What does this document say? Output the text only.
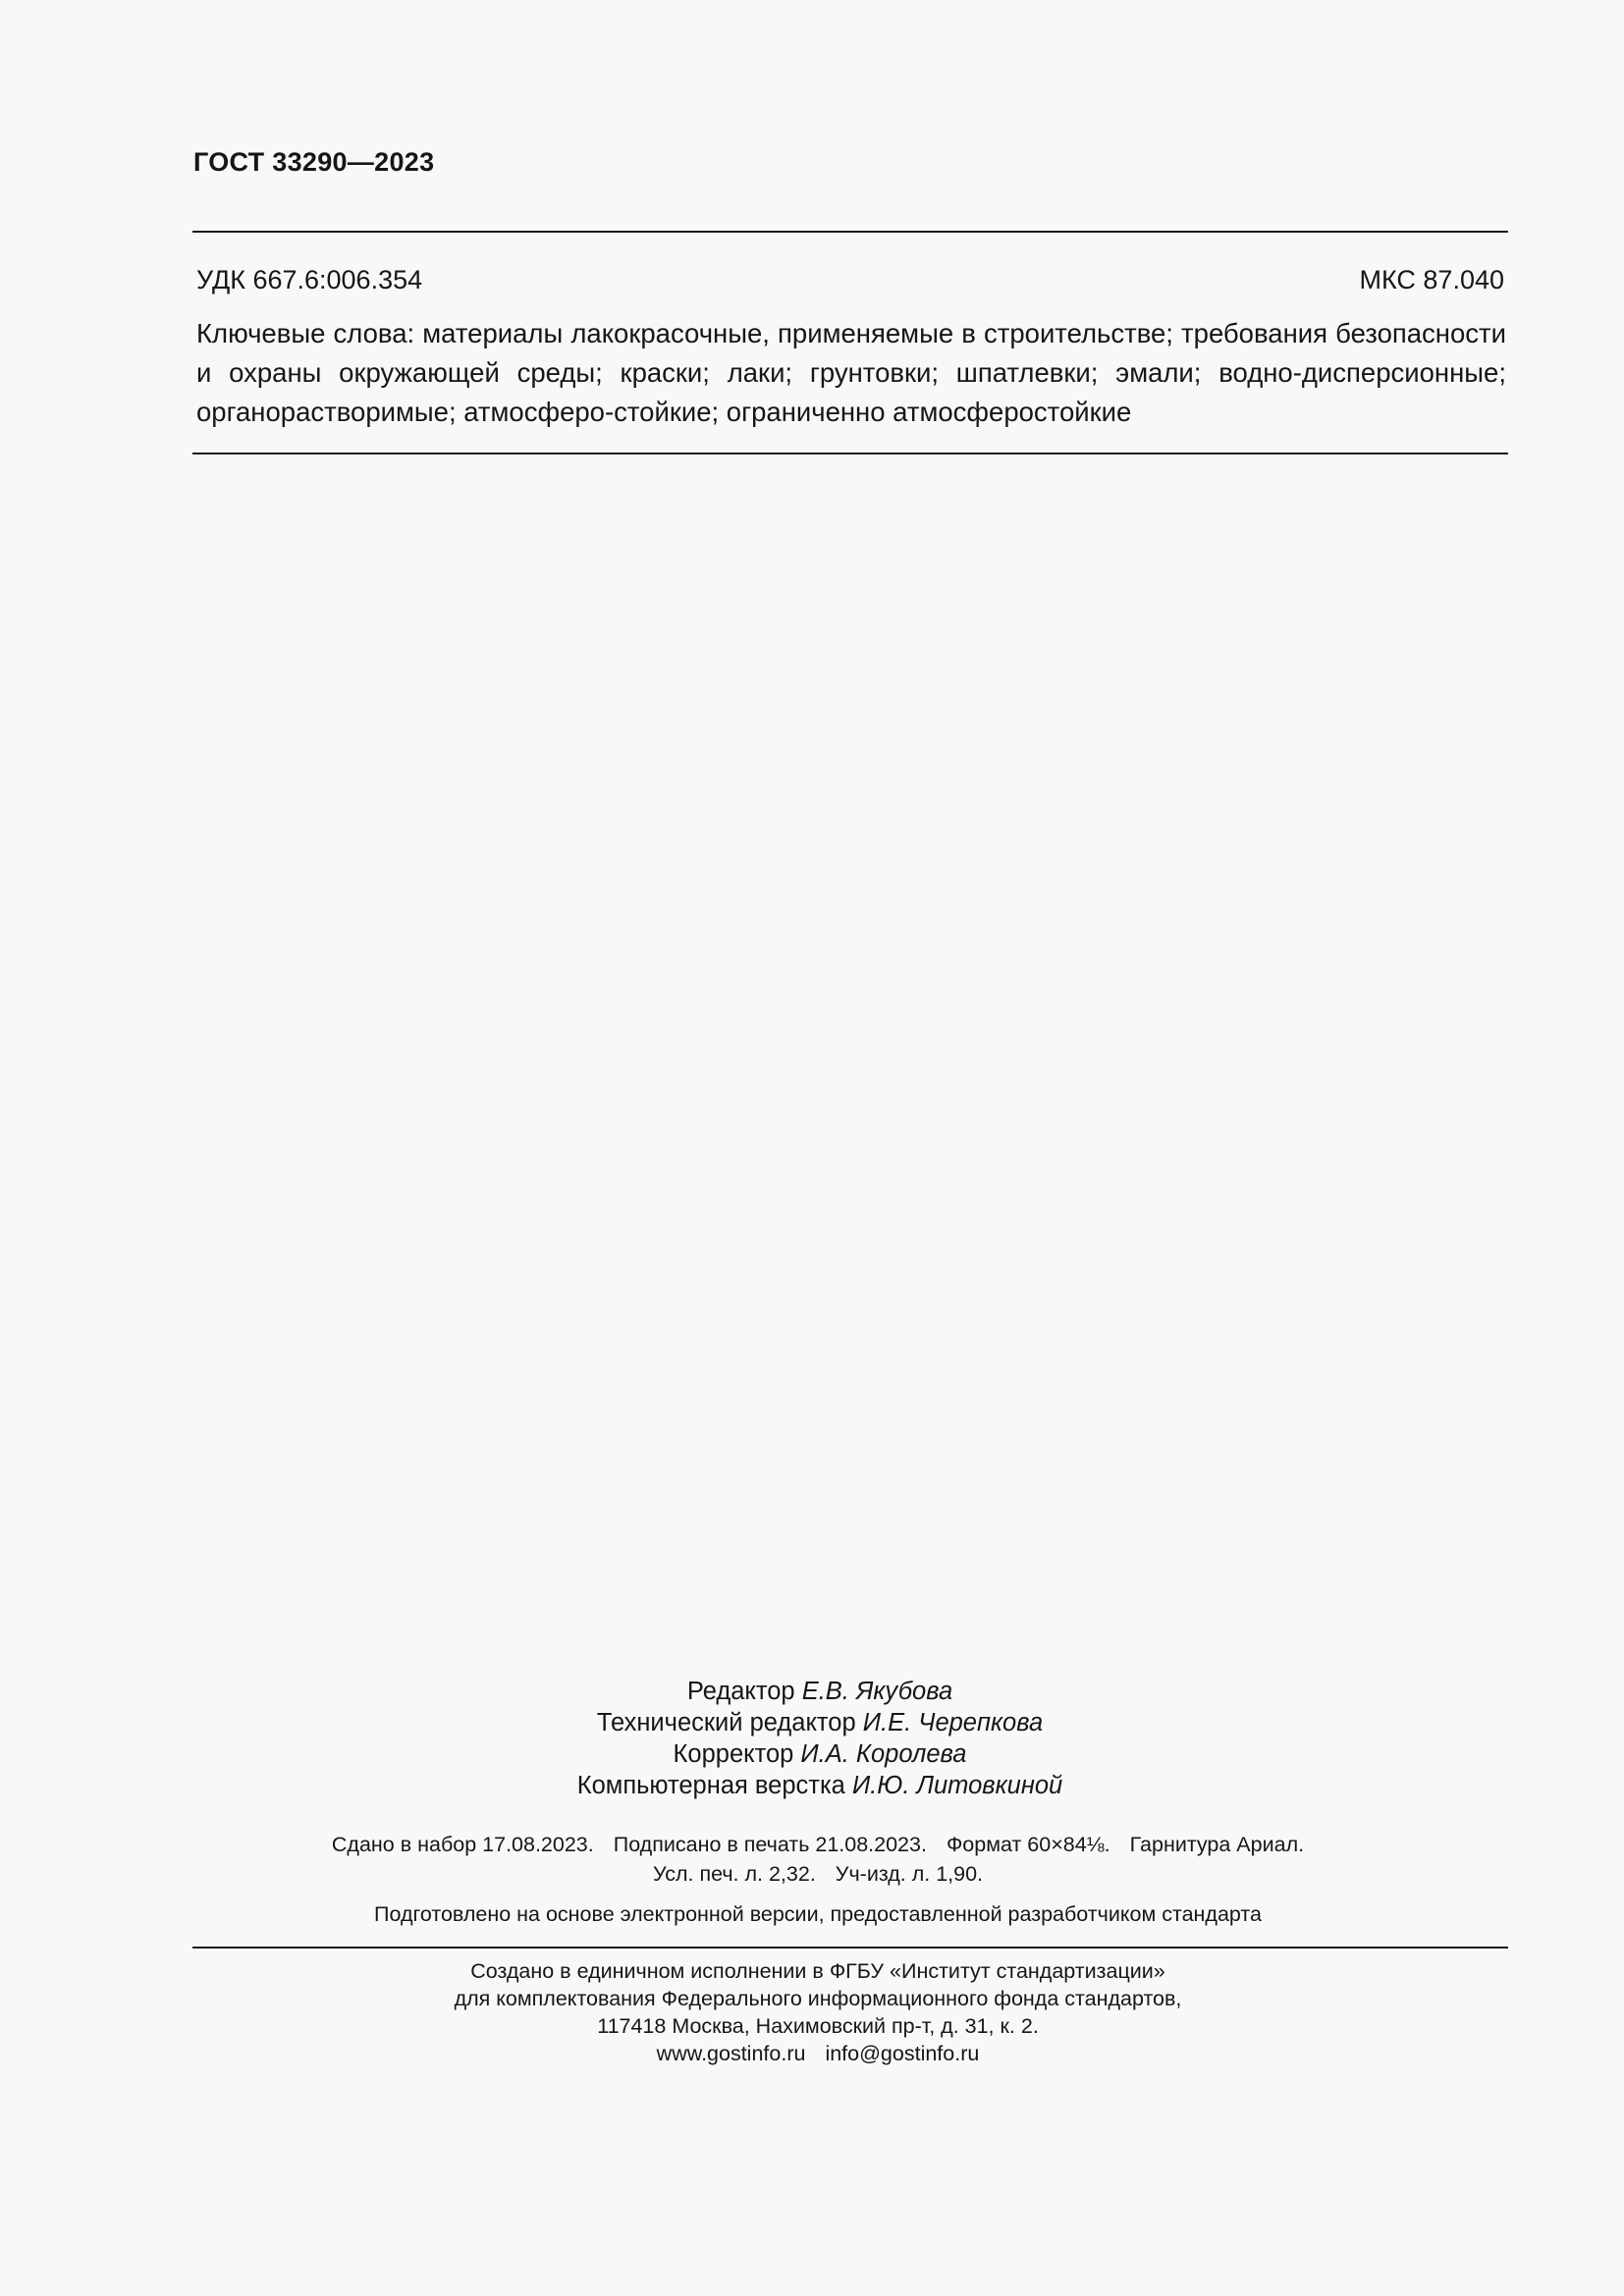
ГОСТ 33290—2023
УДК 667.6:006.354	МКС 87.040
Ключевые слова: материалы лакокрасочные, применяемые в строительстве; требования безопасности и охраны окружающей среды; краски; лаки; грунтовки; шпатлевки; эмали; водно-дисперсионные; органорастворимые; атмосферо-стойкие; ограниченно атмосферостойкие
Редактор Е.В. Якубова
Технический редактор И.Е. Черепкова
Корректор И.А. Королева
Компьютерная верстка И.Ю. Литовкиной
Сдано в набор 17.08.2023. Подписано в печать 21.08.2023. Формат 60×84⅛. Гарнитура Ариал.
Усл. печ. л. 2,32. Уч-изд. л. 1,90.
Подготовлено на основе электронной версии, предоставленной разработчиком стандарта
Создано в единичном исполнении в ФГБУ «Институт стандартизации»
для комплектования Федерального информационного фонда стандартов,
117418 Москва, Нахимовский пр-т, д. 31, к. 2.
www.gostinfo.ru info@gostinfo.ru
